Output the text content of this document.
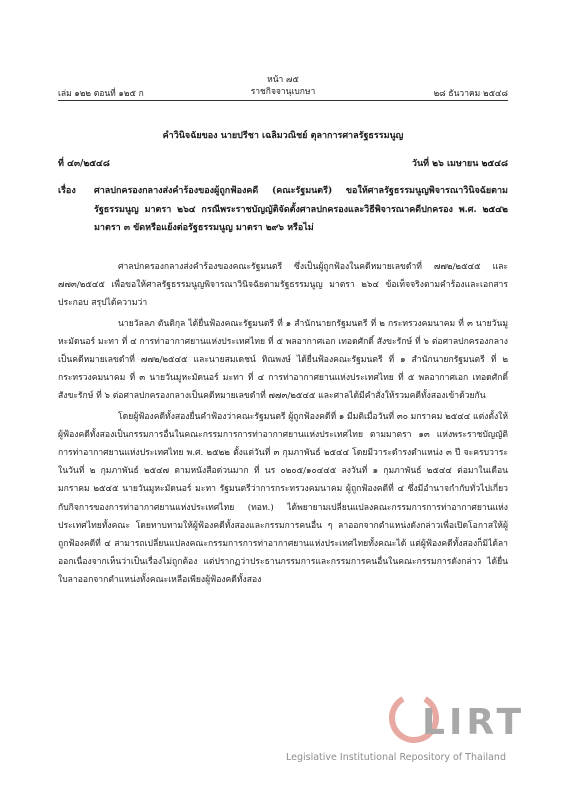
หน้า ๗๕
ราชกิจจานุเบกษา
เล่ม ๑๒๒ ตอนที่ ๑๒๕ ก	๒๘ ธันวาคม ๒๕๔๘
คำวินิจฉัยของ นายปรีชา เฉลิมวณิชย์ ตุลาการศาลรัฐธรรมนูญ
ที่ ๔๓/๒๕๔๘	วันที่ ๒๖ เมษายน ๒๕๔๘
เรื่อง ศาลปกครองกลางส่งคำร้องของผู้ถูกฟ้องคดี (คณะรัฐมนตรี) ขอให้ศาลรัฐธรรมนูญพิจารณาวินิจฉัยตามรัฐธรรมนูญ มาตรา ๒๖๔ กรณีพระราชบัญญัติจัดตั้งศาลปกครองและวิธีพิจารณาคดีปกครอง พ.ศ. ๒๕๔๒ มาตรา ๓ ขัดหรือแย้งต่อรัฐธรรมนูญ มาตรา ๒๙๖ หรือไม่

ศาลปกครองกลางส่งคำร้องของคณะรัฐมนตรี ซึ่งเป็นผู้ถูกฟ้องในคดีหมายเลขดำที่ ๗๗๒/๒๕๔๕ และ ๗๗๓/๒๕๔๕ เพื่อขอให้ศาลรัฐธรรมนูญพิจารณาวินิจฉัยตามรัฐธรรมนูญ มาตรา ๒๖๔ ข้อเท็จจริงตามคำร้องและเอกสารประกอบ สรุปได้ความว่า

นายวัลลภ ตันติกุล ได้ยื่นฟ้องคณะรัฐมนตรี ที่ ๑ สำนักนายกรัฐมนตรี ที่ ๒ กระทรวงคมนาคม ที่ ๓ นายวันมูหะมัดนอร์ มะทา ที่ ๔ การท่าอากาศยานแห่งประเทศไทย ที่ ๕ พลอากาศเอก เทอดศักดิ์ สังขะรักษ์ ที่ ๖ ต่อศาลปกครองกลางเป็นคดีหมายเลขดำที่ ๗๗๒/๒๕๔๕ และนายสมเดชน์ ทิณพงษ์ ได้ยื่นฟ้องคณะรัฐมนตรี ที่ ๑ สำนักนายกรัฐมนตรี ที่ ๒ กระทรวงคมนาคม ที่ ๓ นายวันมูหะมัดนอร์ มะทา ที่ ๔ การท่าอากาศยานแห่งประเทศไทย ที่ ๕ พลอากาศเอก เทอดศักดิ์ สังขะรักษ์ ที่ ๖ ต่อศาลปกครองกลางเป็นคดีหมายเลขดำที่ ๗๗๓/๒๕๔๕ และศาลได้มีคำสั่งให้รวมคดีทั้งสองเข้าด้วยกัน

โดยผู้ฟ้องคดีทั้งสองยื่นคำฟ้องว่าคณะรัฐมนตรี ผู้ถูกฟ้องคดีที่ ๑ มีมติเมื่อวันที่ ๓๐ มกราคม ๒๕๔๔ แต่งตั้งให้ผู้ฟ้องคดีทั้งสองเป็นกรรมการอื่นในคณะกรรมการการท่าอากาศยานแห่งประเทศไทย ตามมาตรา ๑๓ แห่งพระราชบัญญัติการท่าอากาศยานแห่งประเทศไทย พ.ศ. ๒๕๒๒ ตั้งแต่วันที่ ๓ กุมภาพันธ์ ๒๕๔๔ โดยมีวาระดำรงตำแหน่ง ๓ ปี จะครบวาระในวันที่ ๒ กุมภาพันธ์ ๒๕๔๗ ตามหนังสือด่วนมาก ที่ นร ๐๒๐๕/๑๐๔๔๕ ลงวันที่ ๑ กุมภาพันธ์ ๒๕๔๔ ต่อมาในเดือนมกราคม ๒๕๔๕ นายวันมูหะมัดนอร์ มะทา รัฐมนตรีว่าการกระทรวงคมนาคม ผู้ถูกฟ้องคดีที่ ๔ ซึ่งมีอำนาจกำกับทั่วไปเกี่ยวกับกิจการของการท่าอากาศยานแห่งประเทศไทย (ทอท.) ได้พยายามเปลี่ยนแปลงคณะกรรมการการท่าอากาศยานแห่งประเทศไทยทั้งคณะ โดยทาบทามให้ผู้ฟ้องคดีทั้งสองและกรรมการคนอื่น ๆ ลาออกจากตำแหน่งดังกล่าวเพื่อเปิดโอกาสให้ผู้ถูกฟ้องคดีที่ ๔ สามารถเปลี่ยนแปลงคณะกรรมการการท่าอากาศยานแห่งประเทศไทยทั้งคณะได้ แต่ผู้ฟ้องคดีทั้งสองก็มิได้ลาออกเนื่องจากเห็นว่าเป็นเรื่องไม่ถูกต้อง แต่ปรากฏว่าประธานกรรมการและกรรมการคนอื่นในคณะกรรมการดังกล่าว ได้ยื่นใบลาออกจากตำแหน่งทั้งคณะเหลือเพียงผู้ฟ้องคดีทั้งสอง

LIRT
Legislative Institutional Repository of Thailand
